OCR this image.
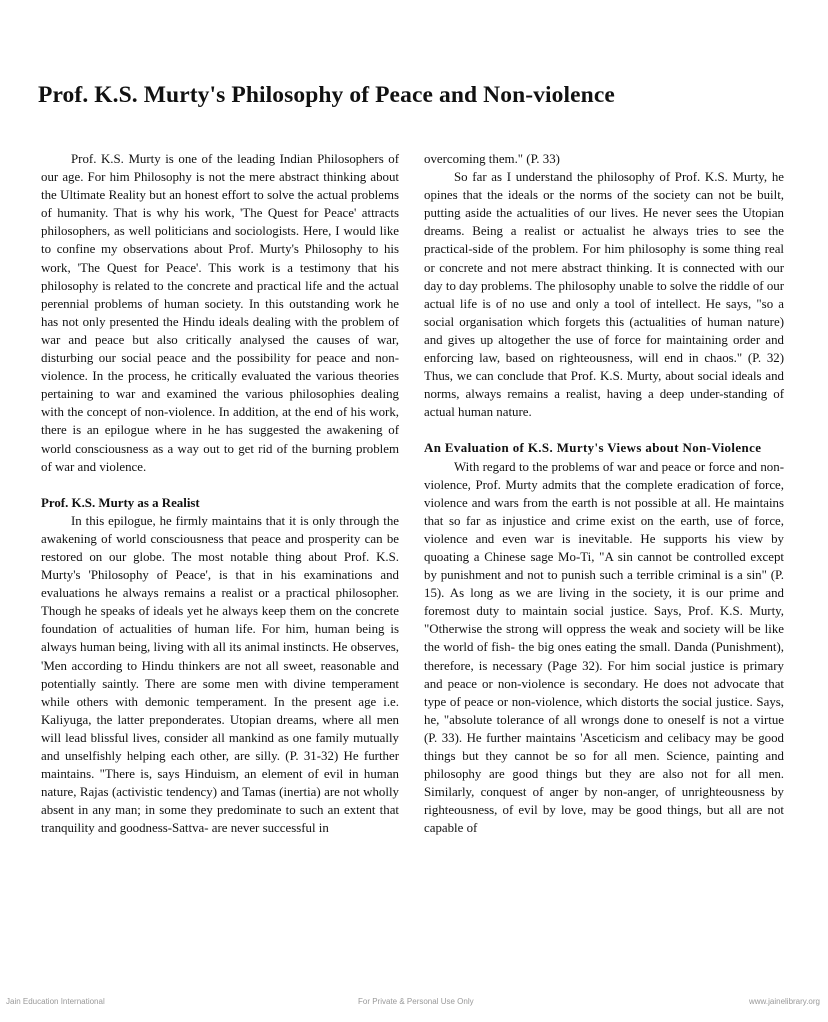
Prof. K.S. Murty's Philosophy of Peace and Non-violence

Prof. K.S. Murty is one of the leading Indian Philosophers of our age. For him Philosophy is not the mere abstract thinking about the Ultimate Reality but an honest effort to solve the actual problems of humanity. That is why his work, 'The Quest for Peace' attracts philosophers, as well politicians and sociologists. Here, I would like to confine my observations about Prof. Murty's Philosophy to his work, 'The Quest for Peace'. This work is a testimony that his philosophy is related to the concrete and practical life and the actual perennial problems of human society. In this outstanding work he has not only presented the Hindu ideals dealing with the problem of war and peace but also critically analysed the causes of war, disturbing our social peace and the possibility for peace and non-violence. In the process, he critically evaluated the various theories pertaining to war and examined the various philosophies dealing with the concept of non-violence. In addition, at the end of his work, there is an epilogue where in he has suggested the awakening of world consciousness as a way out to get rid of the burning problem of war and violence.

Prof. K.S. Murty as a Realist

In this epilogue, he firmly maintains that it is only through the awakening of world consciousness that peace and prosperity can be restored on our globe. The most notable thing about Prof. K.S. Murty's 'Philosophy of Peace', is that in his examinations and evaluations he always remains a realist or a practical philosopher. Though he speaks of ideals yet he always keep them on the concrete foundation of actualities of human life. For him, human being is always human being, living with all its animal instincts. He observes, 'Men according to Hindu thinkers are not all sweet, reasonable and potentially saintly. There are some men with divine temperament while others with demonic temperament. In the present age i.e. Kaliyuga, the latter preponderates. Utopian dreams, where all men will lead blissful lives, consider all mankind as one family mutually and unselfishly helping each other, are silly. (P. 31-32) He further maintains. "There is, says Hinduism, an element of evil in human nature, Rajas (activistic tendency) and Tamas (inertia) are not wholly absent in any man; in some they predominate to such an extent that tranquility and goodness-Sattva- are never successful in

overcoming them." (P. 33)

So far as I understand the philosophy of Prof. K.S. Murty, he opines that the ideals or the norms of the society can not be built, putting aside the actualities of our lives. He never sees the Utopian dreams. Being a realist or actualist he always tries to see the practical-side of the problem. For him philosophy is some thing real or concrete and not mere abstract thinking. It is connected with our day to day problems. The philosophy unable to solve the riddle of our actual life is of no use and only a tool of intellect. He says, "so a social organisation which forgets this (actualities of human nature) and gives up altogether the use of force for maintaining order and enforcing law, based on righteousness, will end in chaos." (P. 32) Thus, we can conclude that Prof. K.S. Murty, about social ideals and norms, always remains a realist, having a deep under-standing of actual human nature.

An Evaluation of K.S. Murty's Views about Non-Violence

With regard to the problems of war and peace or force and non-violence, Prof. Murty admits that the complete eradication of force, violence and wars from the earth is not possible at all. He maintains that so far as injustice and crime exist on the earth, use of force, violence and even war is inevitable. He supports his view by quoating a Chinese sage Mo-Ti, "A sin cannot be controlled except by punishment and not to punish such a terrible criminal is a sin" (P. 15). As long as we are living in the society, it is our prime and foremost duty to maintain social justice. Says, Prof. K.S. Murty, "Otherwise the strong will oppress the weak and society will be like the world of fish- the big ones eating the small. Danda (Punishment), therefore, is necessary (Page 32). For him social justice is primary and peace or non-violence is secondary. He does not advocate that type of peace or non-violence, which distorts the social justice. Says, he, "absolute tolerance of all wrongs done to oneself is not a virtue (P. 33). He further maintains 'Asceticism and celibacy may be good things but they cannot be so for all men. Science, painting and philosophy are good things but they are also not for all men. Similarly, conquest of anger by non-anger, of unrighteousness by righteousness, of evil by love, may be good things, but all are not capable of

Jain Education International	For Private & Personal Use Only	www.jainelibrary.org
